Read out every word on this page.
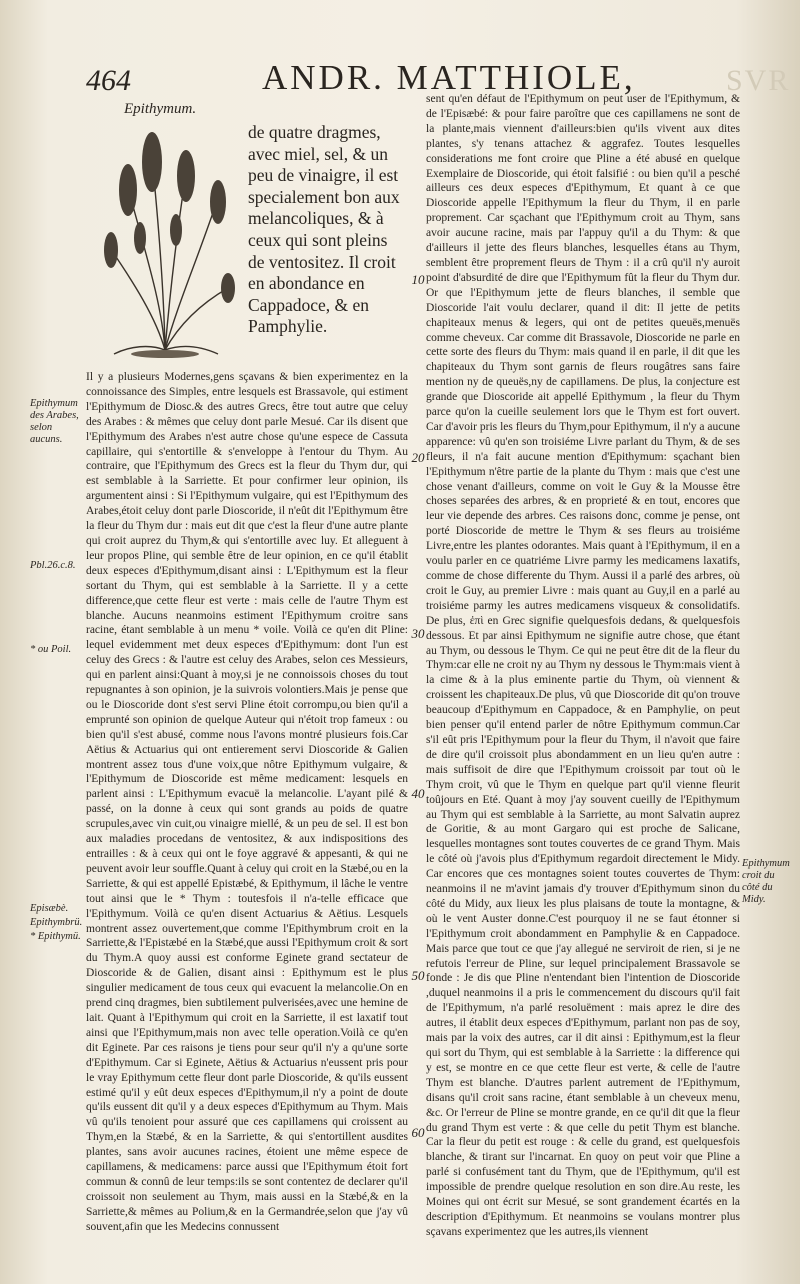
SVR
464	ANDR. MATTHIOLE,
Epithymum.

de quatre dragmes, avec miel, sel, & un peu de vinaigre, il est specialement bon aux melancoliques, & à ceux qui sont pleins de ventositez. Il croit en abondance en Cappadoce, & en Pamphylie.

Epithymum des Arabes, selon aucuns.
Pbl.26.c.8.
* ou Poil.
Episæbè.
Epithymbrü.
* Epithymü.
Epithymum croit du côté du Midy.
10
20
30
40
50
60

Il y a plusieurs Modernes,gens sçavans & bien experimentez en la connoissance des Simples, entre lesquels est Brassavole, qui estiment l'Epithymum de Diosc.& des autres Grecs, être tout autre que celuy des Arabes : & mêmes que celuy dont parle Mesué. Car ils disent que l'Epithymum des Arabes n'est autre chose qu'une espece de Cassuta capillaire, qui s'entortille & s'enveloppe à l'entour du Thym. Au contraire, que l'Epithymum des Grecs est la fleur du Thym dur, qui est semblable à la Sarriette. Et pour confirmer leur opinion, ils argumentent ainsi : Si l'Epithymum vulgaire, qui est l'Epithymum des Arabes,étoit celuy dont parle Dioscoride, il n'eût dit l'Epithymum être la fleur du Thym dur : mais eut dit que c'est la fleur d'une autre plante qui croit auprez du Thym,& qui s'entortille avec luy. Et alleguent à leur propos Pline, qui semble être de leur opinion, en ce qu'il établit deux especes d'Epithymum,disant ainsi : L'Epithymum est la fleur sortant du Thym, qui est semblable à la Sarriette. Il y a cette difference,que cette fleur est verte : mais celle de l'autre Thym est blanche. Aucuns neanmoins estiment l'Epithymum croitre sans racine, étant semblable à un menu * voile. Voilà ce qu'en dit Pline: lequel evidemment met deux especes d'Epithymum: dont l'un est celuy des Grecs : & l'autre est celuy des Arabes, selon ces Messieurs, qui en parlent ainsi:Quant à moy,si je ne connoissois choses du tout repugnantes à son opinion, je la suivrois volontiers.Mais je pense que ou le Dioscoride dont s'est servi Pline étoit corrompu,ou bien qu'il a emprunté son opinion de quelque Auteur qui n'étoit trop fameux : ou bien qu'il s'est abusé, comme nous l'avons montré plusieurs fois.Car Aëtius & Actuarius qui ont entierement servi Dioscoride & Galien montrent assez tous d'une voix,que nôtre Epithymum vulgaire, & l'Epithymum de Dioscoride est même medicament: lesquels en parlent ainsi : L'Epithymum evacuë la melancolie. L'ayant pilé & passé, on la donne à ceux qui sont grands au poids de quatre scrupules,avec vin cuit,ou vinaigre miellé, & un peu de sel. Il est bon aux maladies procedans de ventositez, & aux indispositions des entrailles : & à ceux qui ont le foye aggravé & appesanti, & qui ne peuvent avoir leur souffle.Quant à celuy qui croit en la Stæbé,ou en la Sarriette, & qui est appellé Epistæbé, & Epithymum, il lâche le ventre tout ainsi que le * Thym : toutesfois il n'a-telle efficace que l'Epithymum. Voilà ce qu'en disent Actuarius & Aëtius. Lesquels montrent assez ouvertement,que comme l'Epithymbrum croit en la Sarriette,& l'Epistæbé en la Stæbé,que aussi l'Epithymum croit & sort du Thym.A quoy aussi est conforme Eginete grand sectateur de Dioscoride & de Galien, disant ainsi : Epithymum est le plus singulier medicament de tous ceux qui evacuent la melancolie.On en prend cinq dragmes, bien subtilement pulverisées,avec une hemine de lait. Quant à l'Epithymum qui croit en la Sarriette, il est laxatif tout ainsi que l'Epithymum,mais non avec telle operation.Voilà ce qu'en dit Eginete. Par ces raisons je tiens pour seur qu'il n'y a qu'une sorte d'Epithymum. Car si Eginete, Aëtius & Actuarius n'eussent pris pour le vray Epithymum cette fleur dont parle Dioscoride, & qu'ils eussent estimé qu'il y eût deux especes d'Epithymum,il n'y a point de doute qu'ils eussent dit qu'il y a deux especes d'Epithymum au Thym. Mais vû qu'ils tenoient pour assuré que ces capillamens qui croissent au Thym,en la Stæbé, & en la Sarriette, & qui s'entortillent ausdites plantes, sans avoir aucunes racines, étoient une même espece de capillamens, & medicamens: parce aussi que l'Epithymum étoit fort commun & connû de leur temps:ils se sont contentez de declarer qu'il croissoit non seulement au Thym, mais aussi en la Stæbé,& en la Sarriette,& mêmes au Polium,& en la Germandrée,selon que j'ay vû souvent,afin que les Medecins connussent

sent qu'en défaut de l'Epithymum on peut user de l'Epithymum, & de l'Episæbé: & pour faire paroître que ces capillamens ne sont de la plante,mais viennent d'ailleurs:bien qu'ils vivent aux dites plantes, s'y tenans attachez & aggrafez. Toutes lesquelles considerations me font croire que Pline a été abusé en quelque Exemplaire de Dioscoride, qui étoit falsifié : ou bien qu'il a pesché ailleurs ces deux especes d'Epithymum, Et quant à ce que Dioscoride appelle l'Epithymum la fleur du Thym, il en parle proprement. Car sçachant que l'Epithymum croit au Thym, sans avoir aucune racine, mais par l'appuy qu'il a du Thym: & que d'ailleurs il jette des fleurs blanches, lesquelles étans au Thym, semblent être proprement fleurs de Thym : il a crû qu'il n'y auroit point d'absurdité de dire que l'Epithymum fût la fleur du Thym dur. Or que l'Epithymum jette de fleurs blanches, il semble que Dioscoride l'ait voulu declarer, quand il dit: Il jette de petits chapiteaux menus & legers, qui ont de petites queuës,menuës comme cheveux. Car comme dit Brassavole, Dioscoride ne parle en cette sorte des fleurs du Thym: mais quand il en parle, il dit que les chapiteaux du Thym sont garnis de fleurs rougâtres sans faire mention ny de queuës,ny de capillamens. De plus, la conjecture est grande que Dioscoride ait appellé Epithymum , la fleur du Thym parce qu'on la cueille seulement lors que le Thym est fort ouvert. Car d'avoir pris les fleurs du Thym,pour Epithymum, il n'y a aucune apparence: vû qu'en son troisiéme Livre parlant du Thym, & de ses fleurs, il n'a fait aucune mention d'Epithymum: sçachant bien l'Epithymum n'être partie de la plante du Thym : mais que c'est une chose venant d'ailleurs, comme on voit le Guy & la Mousse être choses separées des arbres, & en proprieté & en tout, encores que leur vie depende des arbres. Ces raisons donc, comme je pense, ont porté Dioscoride de mettre le Thym & ses fleurs au troisiéme Livre,entre les plantes odorantes. Mais quant à l'Epithymum, il en a voulu parler en ce quatriéme Livre parmy les medicamens laxatifs, comme de chose differente du Thym. Aussi il a parlé des arbres, où croit le Guy, au premier Livre : mais quant au Guy,il en a parlé au troisiéme parmy les autres medicamens visqueux & consolidatifs. De plus, ἐπὶ en Grec signifie quelquesfois dedans, & quelquesfois dessous. Et par ainsi Epithymum ne signifie autre chose, que étant au Thym, ou dessous le Thym. Ce qui ne peut être dit de la fleur du Thym:car elle ne croit ny au Thym ny dessous le Thym:mais vient à la cime & à la plus eminente partie du Thym, où viennent & croissent les chapiteaux.De plus, vû que Dioscoride dit qu'on trouve beaucoup d'Epithymum en Cappadoce, & en Pamphylie, on peut bien penser qu'il entend parler de nôtre Epithymum commun.Car s'il eût pris l'Epithymum pour la fleur du Thym, il n'avoit que faire de dire qu'il croissoit plus abondamment en un lieu qu'en autre : mais suffisoit de dire que l'Epithymum croissoit par tout où le Thym croit, vû que le Thym en quelque part qu'il vienne fleurit toûjours en Eté. Quant à moy j'ay souvent cueilly de l'Epithymum au Thym qui est semblable à la Sarriette, au mont Salvatin auprez de Goritie, & au mont Gargaro qui est proche de Salicane, lesquelles montagnes sont toutes couvertes de ce grand Thym. Mais le côté où j'avois plus d'Epithymum regardoit directement le Midy. Car encores que ces montagnes soient toutes couvertes de Thym: neanmoins il ne m'avint jamais d'y trouver d'Epithymum sinon du côté du Midy, aux lieux les plus plaisans de toute la montagne, & où le vent Auster donne.C'est pourquoy il ne se faut étonner si l'Epithymum croit abondamment en Pamphylie & en Cappadoce. Mais parce que tout ce que j'ay allegué ne serviroit de rien, si je ne refutois l'erreur de Pline, sur lequel principalement Brassavole se fonde : Je dis que Pline n'entendant bien l'intention de Dioscoride ,duquel neanmoins il a pris le commencement du discours qu'il fait de l'Epithymum, n'a parlé resoluëment : mais aprez le dire des autres, il établit deux especes d'Epithymum, parlant non pas de soy, mais par la voix des autres, car il dit ainsi : Epithymum,est la fleur qui sort du Thym, qui est semblable à la Sarriette : la difference qui y est, se montre en ce que cette fleur est verte, & celle de l'autre Thym est blanche. D'autres parlent autrement de l'Epithymum, disans qu'il croit sans racine, étant semblable à un cheveux menu, &c. Or l'erreur de Pline se montre grande, en ce qu'il dit que la fleur du grand Thym est verte : & que celle du petit Thym est blanche. Car la fleur du petit est rouge : & celle du grand, est quelquesfois blanche, & tirant sur l'incarnat. En quoy on peut voir que Pline a parlé si confusément tant du Thym, que de l'Epithymum, qu'il est impossible de prendre quelque resolution en son dire.Au reste, les Moines qui ont écrit sur Mesué, se sont grandement écartés en la description d'Epithymum. Et neanmoins se voulans montrer plus sçavans experimentez que les autres,ils viennent
